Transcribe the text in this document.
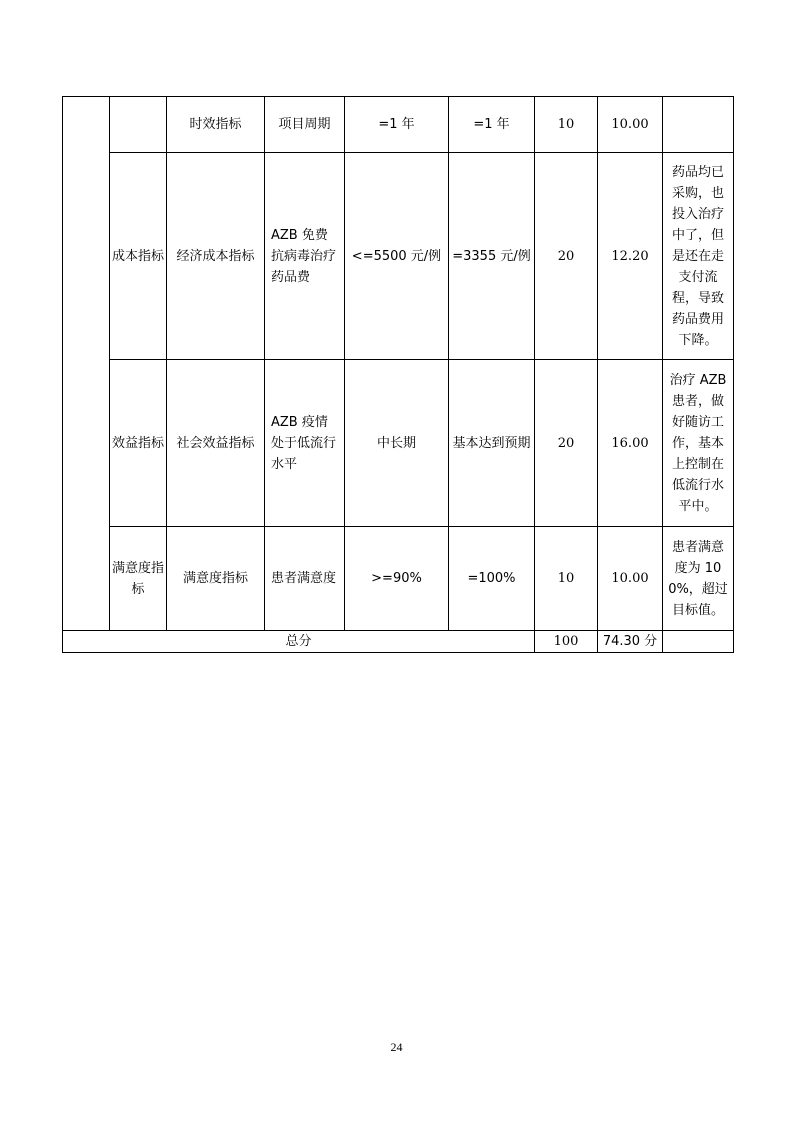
		时效指标	项目周期	=1 年	=1 年	10	10.00	
	成本指标	经济成本指标	AZB 免费抗病毒治疗药品费	<=5500 元/例	=3355 元/例	20	12.20	药品均已采购，也投入治疗中了，但是还在走支付流程，导致药品费用下降。
	效益指标	社会效益指标	AZB 疫情处于低流行水平	中长期	基本达到预期	20	16.00	治疗 AZB 患者，做好随访工作，基本上控制在低流行水平中。
	满意度指标	满意度指标	患者满意度	>=90%	=100%	10	10.00	患者满意度为 100%，超过目标值。
总分						100	74.30 分	
24
